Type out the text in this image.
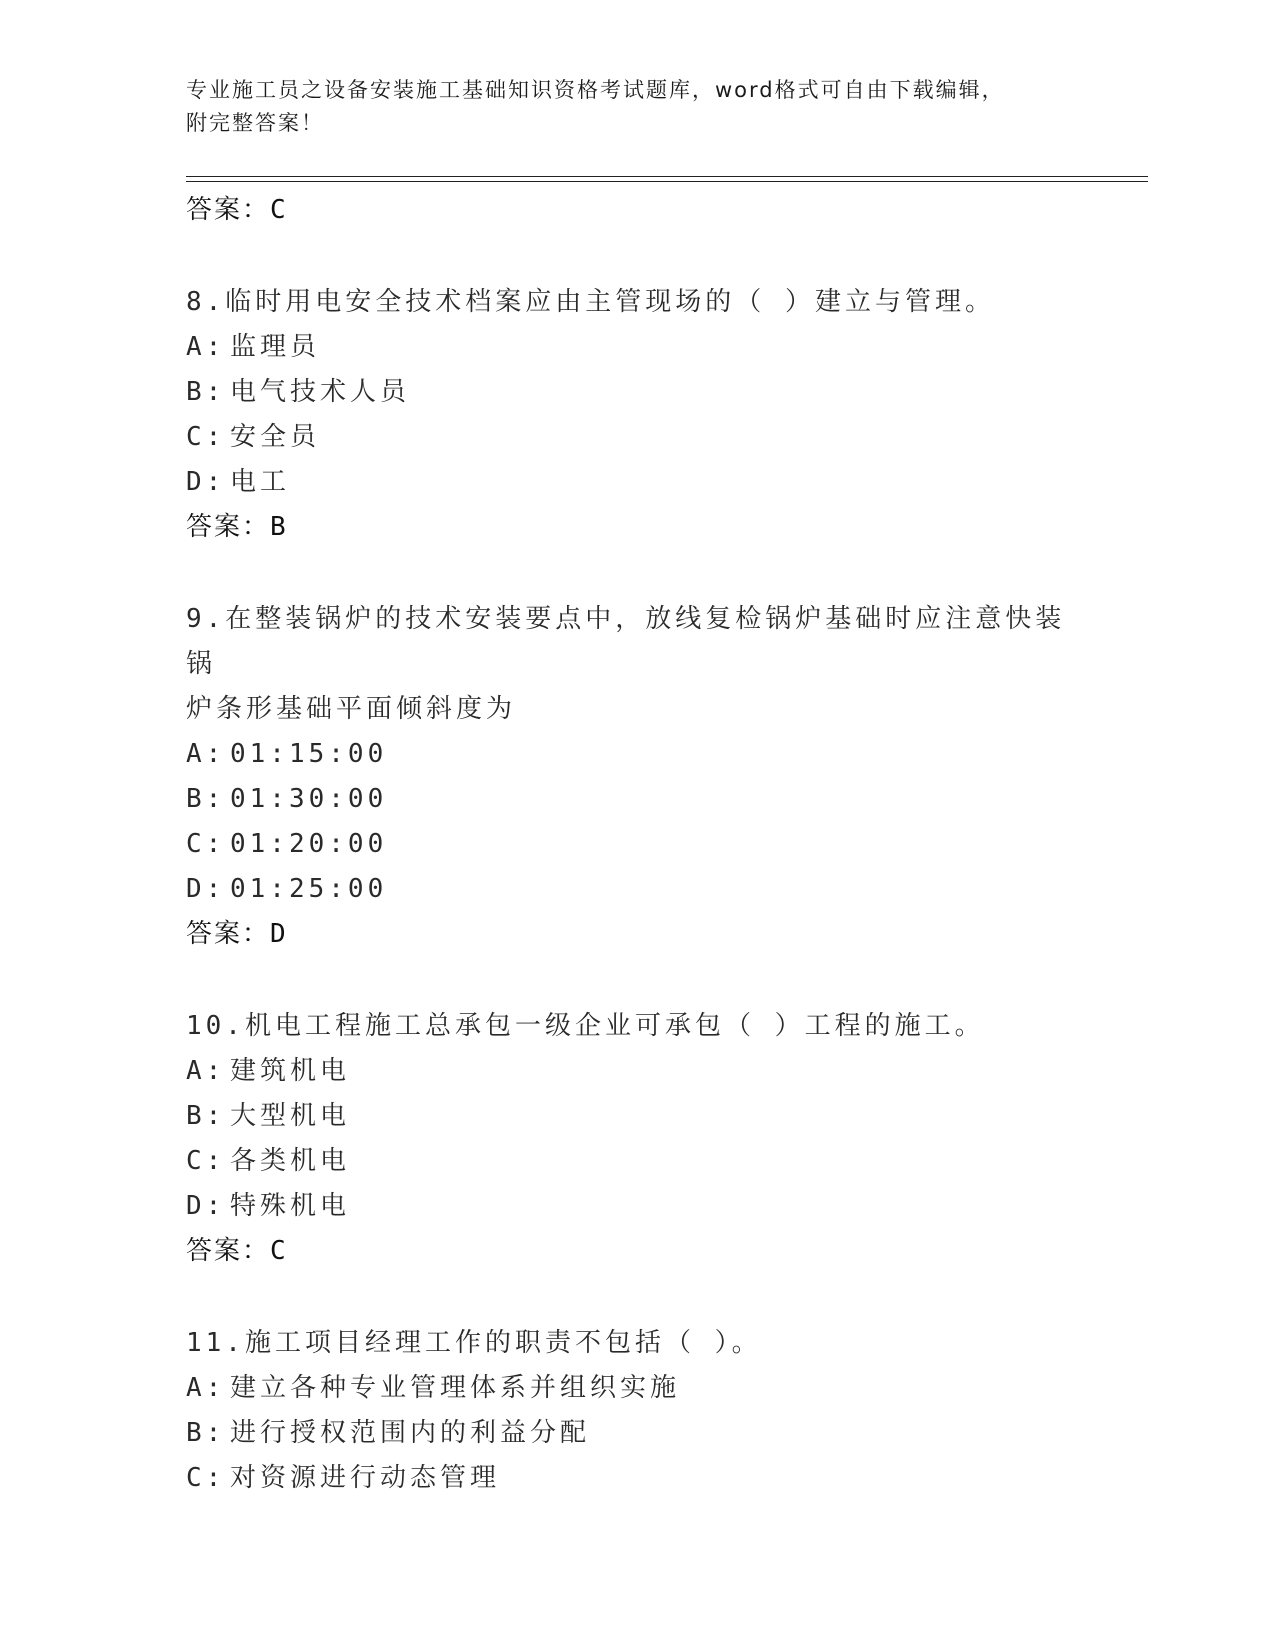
专业施工员之设备安装施工基础知识资格考试题库，word格式可自由下载编辑，
附完整答案！
答案：C
8.临时用电安全技术档案应由主管现场的（ ）建立与管理。
A: 监理员
B: 电气技术人员
C: 安全员
D: 电工
答案：B
9.在整装锅炉的技术安装要点中，放线复检锅炉基础时应注意快装锅
炉条形基础平面倾斜度为
A: 01:15:00
B: 01:30:00
C: 01:20:00
D: 01:25:00
答案：D
10.机电工程施工总承包一级企业可承包（ ）工程的施工。
A: 建筑机电
B: 大型机电
C: 各类机电
D: 特殊机电
答案：C
11.施工项目经理工作的职责不包括（ ）。
A: 建立各种专业管理体系并组织实施
B: 进行授权范围内的利益分配
C: 对资源进行动态管理
